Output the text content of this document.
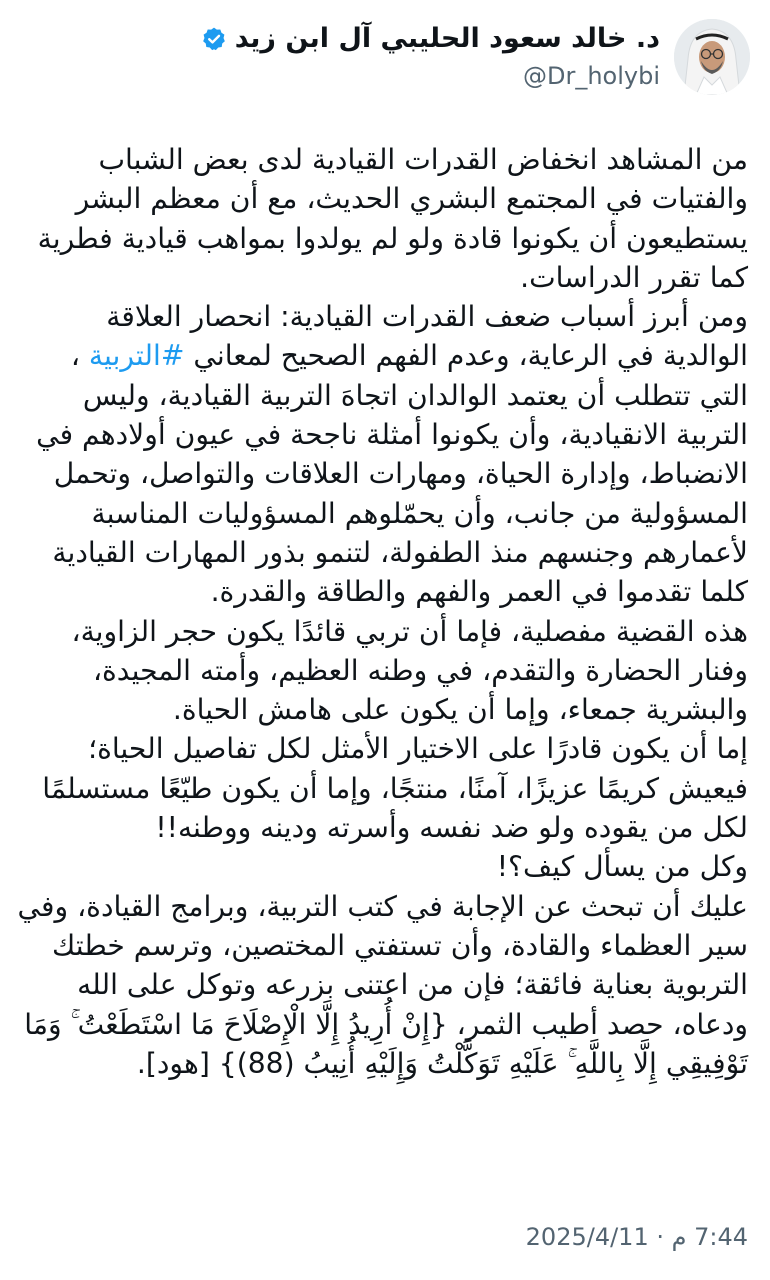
د. خالد سعود الحليبي آل ابن زيد
@Dr_holybi

من المشاهد انخفاض القدرات القيادية لدى بعض الشباب والفتيات في المجتمع البشري الحديث، مع أن معظم البشر يستطيعون أن يكونوا قادة ولو لم يولدوا بمواهب قيادية فطرية كما تقرر الدراسات.
ومن أبرز أسباب ضعف القدرات القيادية: انحصار العلاقة الوالدية في الرعاية، وعدم الفهم الصحيح لمعاني #التربية ، التي تتطلب أن يعتمد الوالدان اتجاهَ التربية القيادية، وليس التربية الانقيادية، وأن يكونوا أمثلة ناجحة في عيون أولادهم في الانضباط، وإدارة الحياة، ومهارات العلاقات والتواصل، وتحمل المسؤولية من جانب، وأن يحمّلوهم المسؤوليات المناسبة لأعمارهم وجنسهم منذ الطفولة، لتنمو بذور المهارات القيادية كلما تقدموا في العمر والفهم والطاقة والقدرة.
هذه القضية مفصلية، فإما أن تربي قائدًا يكون حجر الزاوية، وفنار الحضارة والتقدم، في وطنه العظيم، وأمته المجيدة، والبشرية جمعاء، وإما أن يكون على هامش الحياة.
إما أن يكون قادرًا على الاختيار الأمثل لكل تفاصيل الحياة؛ فيعيش كريمًا عزيزًا، آمنًا، منتجًا، وإما أن يكون طيّعًا مستسلمًا لكل من يقوده ولو ضد نفسه وأسرته ودينه ووطنه!!
وكل من يسأل كيف؟!
عليك أن تبحث عن الإجابة في كتب التربية، وبرامج القيادة، وفي سير العظماء والقادة، وأن تستفتي المختصين، وترسم خطتك التربوية بعناية فائقة؛ فإن من اعتنى بزرعه وتوكل على الله ودعاه، حصد أطيب الثمر، {إِنْ أُرِيدُ إِلَّا الْإِصْلَاحَ مَا اسْتَطَعْتُ ۚ وَمَا تَوْفِيقِي إِلَّا بِاللَّهِ ۚ عَلَيْهِ تَوَكَّلْتُ وَإِلَيْهِ أُنِيبُ (88)} [هود].

7:44 م · 2025/4/11
